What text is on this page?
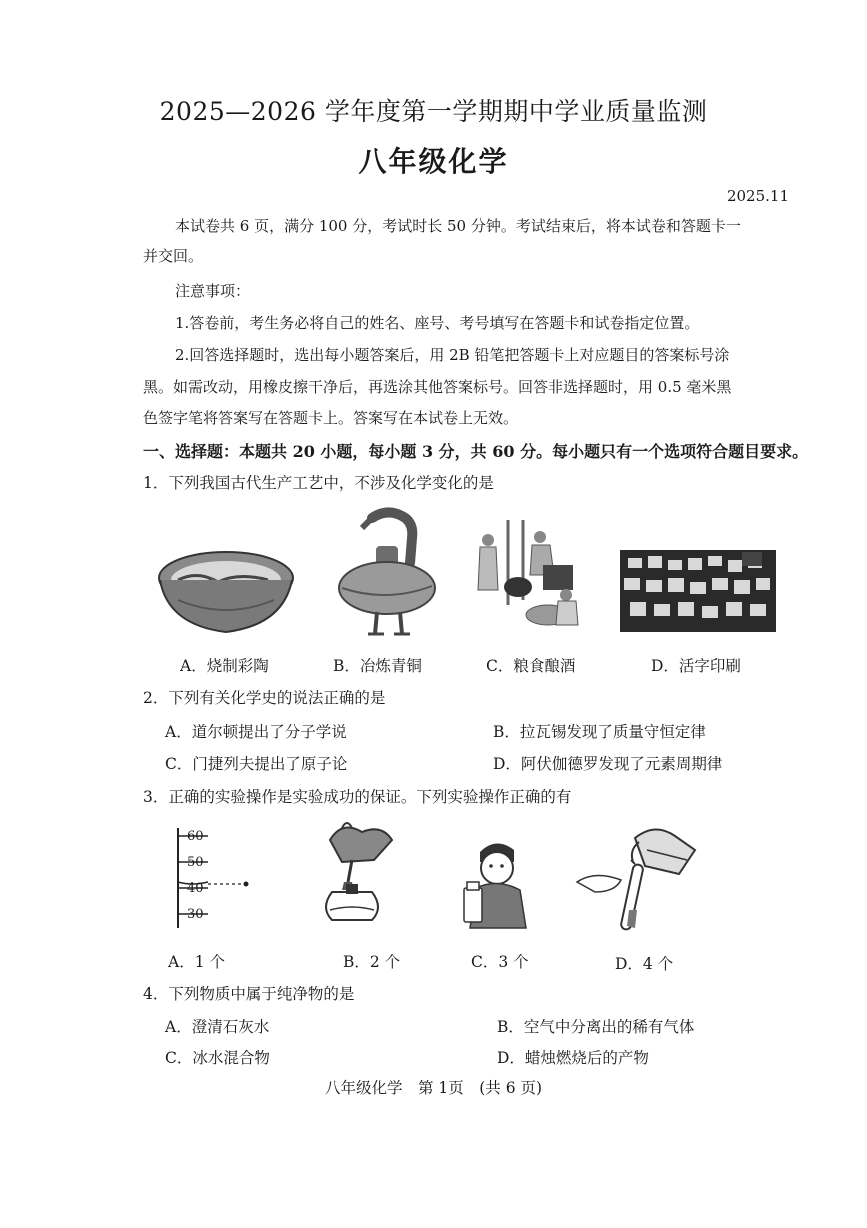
2025—2026 学年度第一学期期中学业质量监测
八年级化学
2025.11
本试卷共 6 页，满分 100 分，考试时长 50 分钟。考试结束后，将本试卷和答题卡一
并交回。
注意事项：
1.答卷前，考生务必将自己的姓名、座号、考号填写在答题卡和试卷指定位置。
2.回答选择题时，选出每小题答案后，用 2B 铅笔把答题卡上对应题目的答案标号涂
黑。如需改动，用橡皮擦干净后，再选涂其他答案标号。回答非选择题时，用 0.5 毫米黑
色签字笔将答案写在答题卡上。答案写在本试卷上无效。
一、选择题：本题共 20 小题，每小题 3 分，共 60 分。每小题只有一个选项符合题目要求。
1．下列我国古代生产工艺中，不涉及化学变化的是
A．烧制彩陶	B．冶炼青铜	C．粮食酿酒	D．活字印刷
2．下列有关化学史的说法正确的是
A．道尔顿提出了分子学说	B．拉瓦锡发现了质量守恒定律
C．门捷列夫提出了原子论	D．阿伏伽德罗发现了元素周期律
3．正确的实验操作是实验成功的保证。下列实验操作正确的有
60
50
40
30
A．1 个	B．2 个	C．3 个	D．4 个
4．下列物质中属于纯净物的是
A．澄清石灰水	B．空气中分离出的稀有气体
C．冰水混合物	D．蜡烛燃烧后的产物
八年级化学　第 1页　(共 6 页)
